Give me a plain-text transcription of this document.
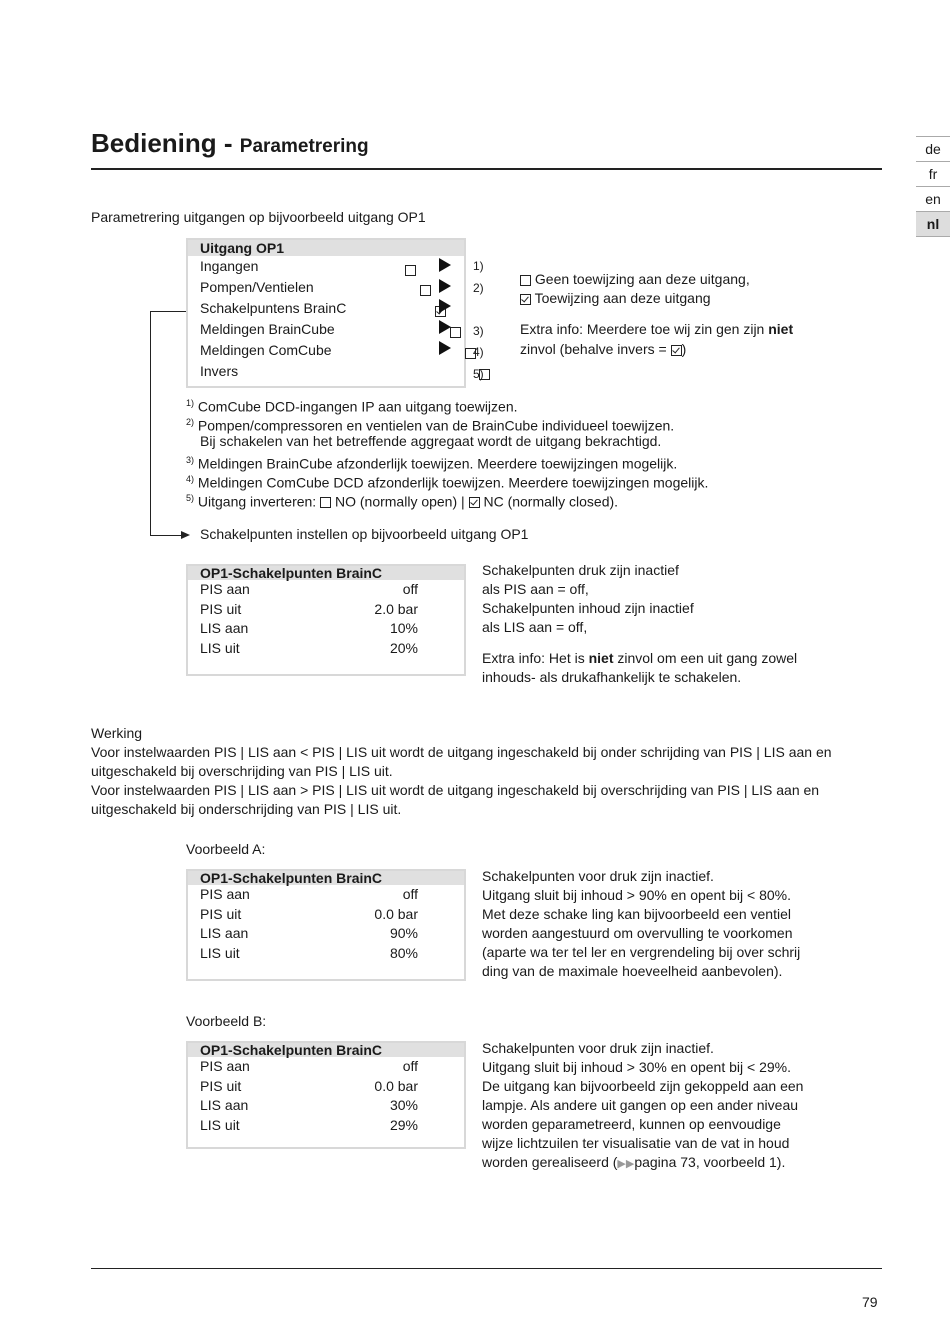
Bediening - Parametrering	de
fr
en
nl
Parametrering uitgangen op bijvoorbeeld uitgang OP1
Uitgang OP1
Ingangen
Pompen/Ventielen
Schakelpuntens BrainC
Meldingen BrainCube
Meldingen ComCube
Invers

1)
2)
3)
4)
5)
Geen toewijzing aan deze uitgang,
Toewijzing aan deze uitgang
Extra info: Meerdere toe wij zin gen zijn niet
zinvol (behalve invers = )
$^{1)}$ ComCube DCD-ingangen IP aan uitgang toewijzen.
$^{2)}$ Pompen/compressoren en ventielen van de BrainCube individueel toewijzen.
Bij schakelen van het betreffende aggregaat wordt de uitgang bekrachtigd.
$^{3)}$ Meldingen BrainCube afzonderlijk toewijzen. Meerdere toewijzingen mogelijk.
$^{4)}$ Meldingen ComCube DCD afzonderlijk toewijzen. Meerdere toewijzingen mogelijk.
$^{5)}$ Uitgang inverteren:  NO (normally open) |  NC (normally closed).
Schakelpunten instellen op bijvoorbeeld uitgang OP1
OP1-Schakelpunten BrainC
PIS aan	off
PIS uit	2.0 bar
LIS aan	10%
LIS uit	20%
Schakelpunten druk zijn inactief
als PIS aan = off,
Schakelpunten inhoud zijn inactief
als LIS aan = off,
Extra info: Het is niet zinvol om een uit gang zowel
inhouds- als drukafhankelijk te schakelen.
Werking
Voor instelwaarden PIS | LIS aan < PIS | LIS uit wordt de uitgang ingeschakeld bij onder schrijding van PIS | LIS aan en
uitgeschakeld bij overschrijding van PIS | LIS uit.
Voor instelwaarden PIS | LIS aan > PIS | LIS uit wordt de uitgang ingeschakeld bij overschrijding van PIS | LIS aan en
uitgeschakeld bij onderschrijding van PIS | LIS uit.
Voorbeeld A:
OP1-Schakelpunten BrainC
PIS aan	off
PIS uit	0.0 bar
LIS aan	90%
LIS uit	80%
Schakelpunten voor druk zijn inactief.
Uitgang sluit bij inhoud > 90% en opent bij < 80%.
Met deze schake ling kan bijvoorbeeld een ventiel
worden aangestuurd om overvulling te voorkomen
(aparte wa ter tel ler en vergrendeling bij over schrij
ding van de maximale hoeveelheid aanbevolen).
Voorbeeld B:
OP1-Schakelpunten BrainC
PIS aan	off
PIS uit	0.0 bar
LIS aan	30%
LIS uit	29%
Schakelpunten voor druk zijn inactief.
Uitgang sluit bij inhoud > 30% en opent bij < 29%.
De uitgang kan bijvoorbeeld zijn gekoppeld aan een
lampje. Als andere uit gangen op een ander niveau
worden geparametreerd, kunnen op eenvoudige
wijze lichtzuilen ter visualisatie van de vat in houd
worden gerealiseerd (▶▶pagina 73, voorbeeld 1).
79
